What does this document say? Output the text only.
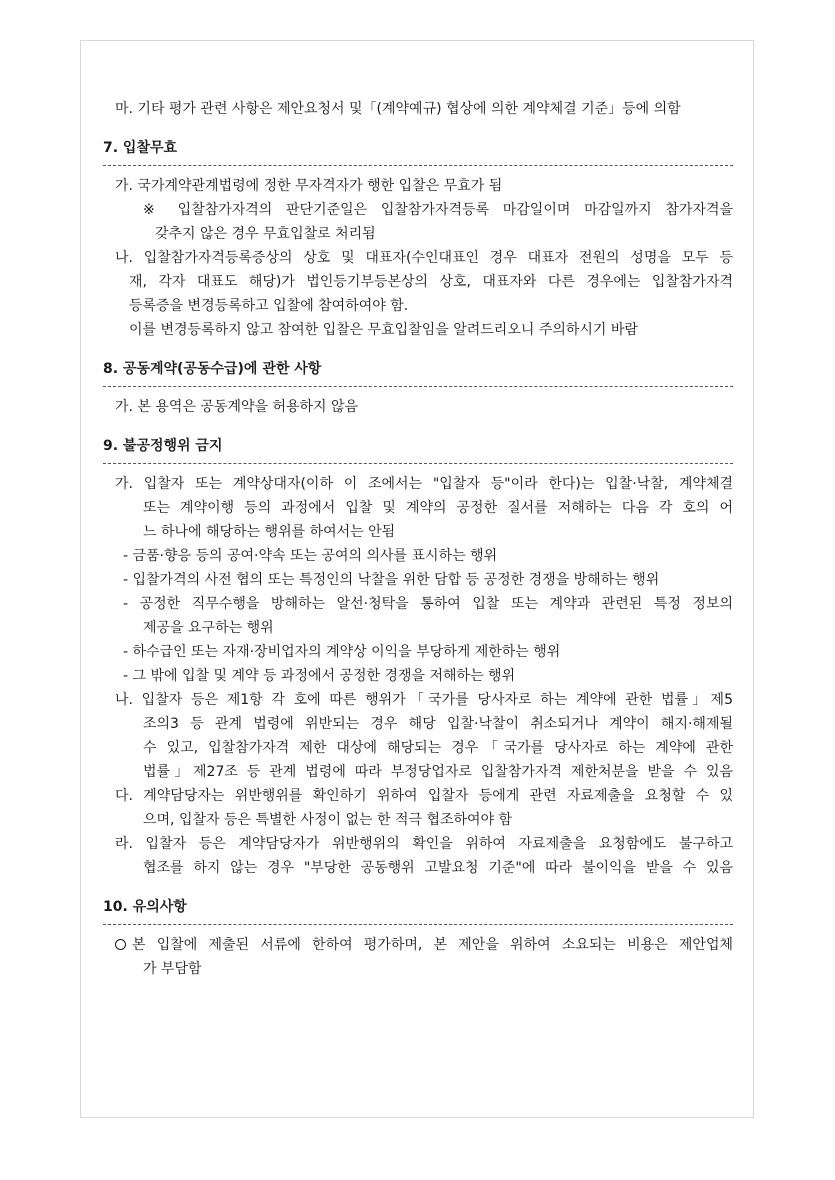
마. 기타 평가 관련 사항은 제안요청서 및「(계약예규) 협상에 의한 계약체결 기준」등에 의함
7. 입찰무효
가. 국가계약관계법령에 정한 무자격자가 행한 입찰은 무효가 됨
※ 입찰참가자격의 판단기준일은 입찰참가자격등록 마감일이며 마감일까지 참가자격을
갖추지 않은 경우 무효입찰로 처리됨
나. 입찰참가자격등록증상의 상호 및 대표자(수인대표인 경우 대표자 전원의 성명을 모두 등
재, 각자 대표도 해당)가 법인등기부등본상의 상호, 대표자와 다른 경우에는 입찰참가자격
등록증을 변경등록하고 입찰에 참여하여야 함.
이를 변경등록하지 않고 참여한 입찰은 무효입찰임을 알려드리오니 주의하시기 바람
8. 공동계약(공동수급)에 관한 사항
가. 본 용역은 공동계약을 허용하지 않음
9. 불공정행위 금지
가. 입찰자 또는 계약상대자(이하 이 조에서는 "입찰자 등"이라 한다)는 입찰·낙찰, 계약체결
또는 계약이행 등의 과정에서 입찰 및 계약의 공정한 질서를 저해하는 다음 각 호의 어
느 하나에 해당하는 행위를 하여서는 안됨
- 금품·향응 등의 공여·약속 또는 공여의 의사를 표시하는 행위
- 입찰가격의 사전 협의 또는 특정인의 낙찰을 위한 담합 등 공정한 경쟁을 방해하는 행위
- 공정한 직무수행을 방해하는 알선·청탁을 통하여 입찰 또는 계약과 관련된 특정 정보의
제공을 요구하는 행위
- 하수급인 또는 자재·장비업자의 계약상 이익을 부당하게 제한하는 행위
- 그 밖에 입찰 및 계약 등 과정에서 공정한 경쟁을 저해하는 행위
나. 입찰자 등은 제1항 각 호에 따른 행위가「국가를 당사자로 하는 계약에 관한 법률」제5
조의3 등 관계 법령에 위반되는 경우 해당 입찰·낙찰이 취소되거나 계약이 해지·해제될
수 있고, 입찰참가자격 제한 대상에 해당되는 경우「국가를 당사자로 하는 계약에 관한
법률」제27조 등 관계 법령에 따라 부정당업자로 입찰참가자격 제한처분을 받을 수 있음
다. 계약담당자는 위반행위를 확인하기 위하여 입찰자 등에게 관련 자료제출을 요청할 수 있
으며, 입찰자 등은 특별한 사정이 없는 한 적극 협조하여야 함
라. 입찰자 등은 계약담당자가 위반행위의 확인을 위하여 자료제출을 요청함에도 불구하고
협조를 하지 않는 경우 "부당한 공동행위 고발요청 기준"에 따라 불이익을 받을 수 있음
10. 유의사항
본 입찰에 제출된 서류에 한하여 평가하며, 본 제안을 위하여 소요되는 비용은 제안업체
가 부담함
